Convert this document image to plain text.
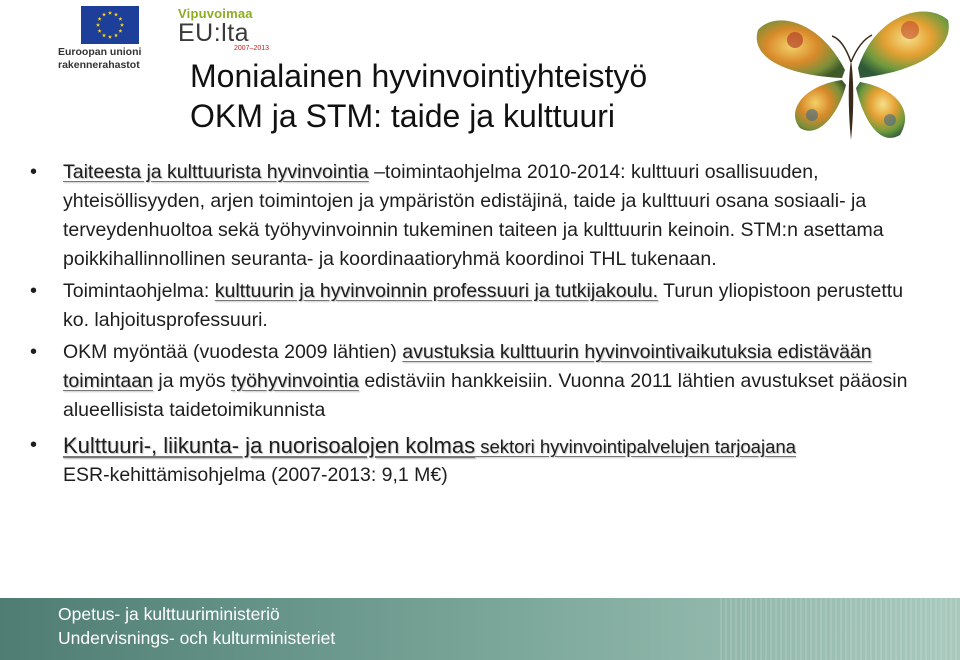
Euroopan unioni
rakennerahastot
Vipuvoimaa
EU:lta
2007–2013
Monialainen hyvinvointiyhteistyö
OKM ja STM: taide ja kulttuuri
• Taiteesta ja kulttuurista hyvinvointia –toimintaohjelma 2010-2014: kulttuuri osallisuuden, yhteisöllisyyden, arjen toimintojen ja ympäristön edistäjinä, taide ja kulttuuri osana sosiaali- ja terveydenhuoltoa sekä työhyvinvoinnin tukeminen taiteen ja kulttuurin keinoin. STM:n asettama poikkihallinnollinen seuranta- ja koordinaatioryhmä koordinoi THL tukenaan.
• Toimintaohjelma: kulttuurin ja hyvinvoinnin professuuri ja tutkijakoulu. Turun yliopistoon perustettu ko. lahjoitusprofessuuri.
• OKM myöntää (vuodesta 2009 lähtien) avustuksia kulttuurin hyvinvointivaikutuksia edistävään toimintaan ja myös työhyvinvointia edistäviin hankkeisiin. Vuonna 2011 lähtien avustukset pääosin alueellisista taidetoimikunnista
• Kulttuuri-, liikunta- ja nuorisoalojen kolmas sektori hyvinvointipalvelujen tarjoajana
ESR-kehittämisohjelma (2007-2013: 9,1 M€)
Opetus- ja kulttuuriministeriö
Undervisnings- och kulturministeriet
